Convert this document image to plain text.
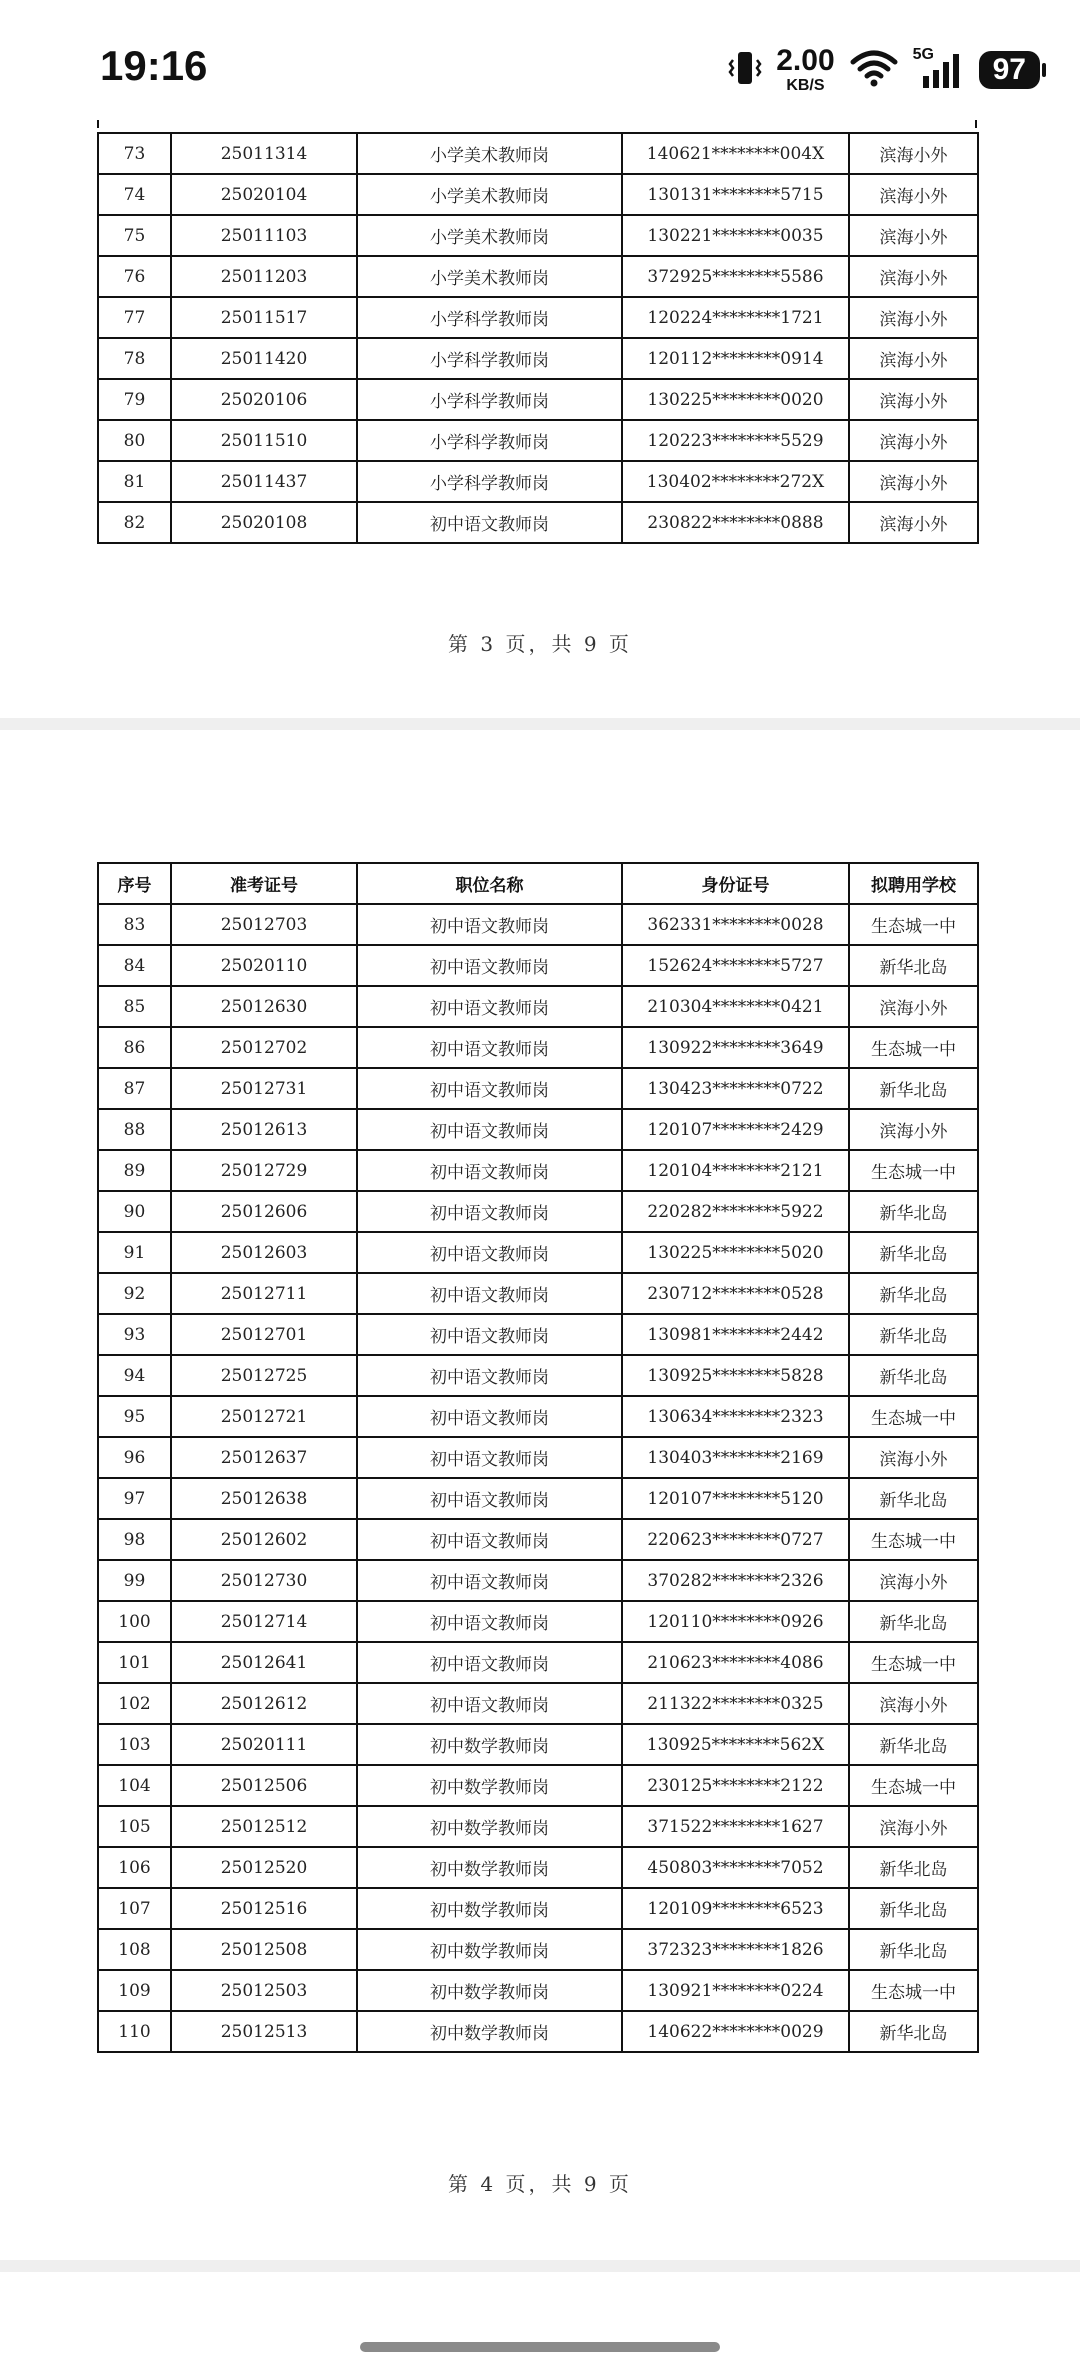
19:16	2.00
KB/S
5G	97
73	25011314	小学美术教师岗	140621********004X	滨海小外
74	25020104	小学美术教师岗	130131********5715	滨海小外
75	25011103	小学美术教师岗	130221********0035	滨海小外
76	25011203	小学美术教师岗	372925********5586	滨海小外
77	25011517	小学科学教师岗	120224********1721	滨海小外
78	25011420	小学科学教师岗	120112********0914	滨海小外
79	25020106	小学科学教师岗	130225********0020	滨海小外
80	25011510	小学科学教师岗	120223********5529	滨海小外
81	25011437	小学科学教师岗	130402********272X	滨海小外
82	25020108	初中语文教师岗	230822********0888	滨海小外
第 3 页，共 9 页
序号	准考证号	职位名称	身份证号	拟聘用学校
83	25012703	初中语文教师岗	362331********0028	生态城一中
84	25020110	初中语文教师岗	152624********5727	新华北岛
85	25012630	初中语文教师岗	210304********0421	滨海小外
86	25012702	初中语文教师岗	130922********3649	生态城一中
87	25012731	初中语文教师岗	130423********0722	新华北岛
88	25012613	初中语文教师岗	120107********2429	滨海小外
89	25012729	初中语文教师岗	120104********2121	生态城一中
90	25012606	初中语文教师岗	220282********5922	新华北岛
91	25012603	初中语文教师岗	130225********5020	新华北岛
92	25012711	初中语文教师岗	230712********0528	新华北岛
93	25012701	初中语文教师岗	130981********2442	新华北岛
94	25012725	初中语文教师岗	130925********5828	新华北岛
95	25012721	初中语文教师岗	130634********2323	生态城一中
96	25012637	初中语文教师岗	130403********2169	滨海小外
97	25012638	初中语文教师岗	120107********5120	新华北岛
98	25012602	初中语文教师岗	220623********0727	生态城一中
99	25012730	初中语文教师岗	370282********2326	滨海小外
100	25012714	初中语文教师岗	120110********0926	新华北岛
101	25012641	初中语文教师岗	210623********4086	生态城一中
102	25012612	初中语文教师岗	211322********0325	滨海小外
103	25020111	初中数学教师岗	130925********562X	新华北岛
104	25012506	初中数学教师岗	230125********2122	生态城一中
105	25012512	初中数学教师岗	371522********1627	滨海小外
106	25012520	初中数学教师岗	450803********7052	新华北岛
107	25012516	初中数学教师岗	120109********6523	新华北岛
108	25012508	初中数学教师岗	372323********1826	新华北岛
109	25012503	初中数学教师岗	130921********0224	生态城一中
110	25012513	初中数学教师岗	140622********0029	新华北岛
第 4 页，共 9 页
